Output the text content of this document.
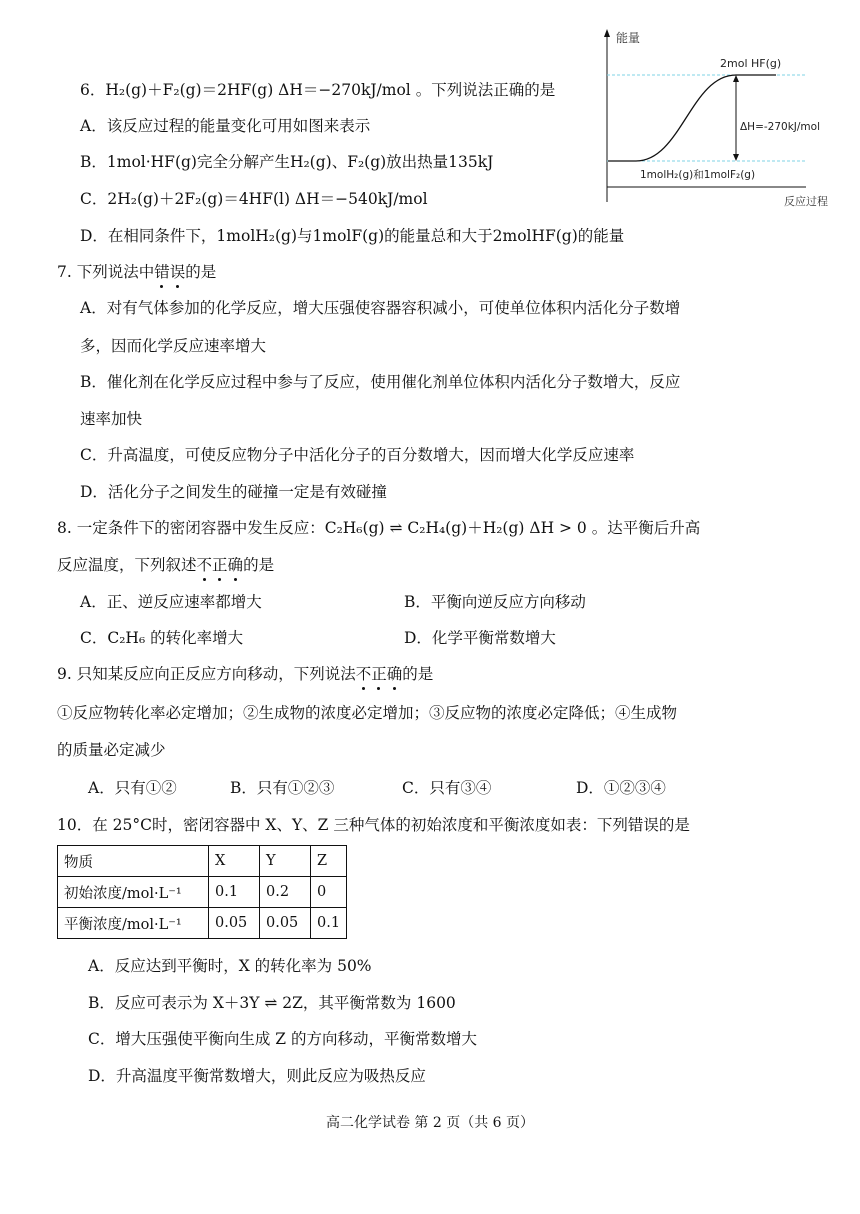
6．H₂(g)＋F₂(g)＝2HF(g) ΔH＝−270kJ/mol 。下列说法正确的是
A．该反应过程的能量变化可用如图来表示
B．1mol·HF(g)完全分解产生H₂(g)、F₂(g)放出热量135kJ
C．2H₂(g)＋2F₂(g)＝4HF(l) ΔH＝−540kJ/mol
D．在相同条件下，1molH₂(g)与1molF(g)的能量总和大于2molHF(g)的能量
能量
反应过程
2mol HF(g)
ΔH=-270kJ/mol
1molH₂(g)和1molF₂(g)
7. 下列说法中错误的是
A．对有气体参加的化学反应，增大压强使容器容积减小，可使单位体积内活化分子数增
多，因而化学反应速率增大
B．催化剂在化学反应过程中参与了反应，使用催化剂单位体积内活化分子数增大，反应
速率加快
C．升高温度，可使反应物分子中活化分子的百分数增大，因而增大化学反应速率
D．活化分子之间发生的碰撞一定是有效碰撞
8. 一定条件下的密闭容器中发生反应：C₂H₆(g) ⇌ C₂H₄(g)＋H₂(g) ΔH > 0 。达平衡后升高
反应温度，下列叙述不正确的是
A．正、逆反应速率都增大	B．平衡向逆反应方向移动
C．C₂H₆ 的转化率增大	D．化学平衡常数增大
9. 只知某反应向正反应方向移动，下列说法不正确的是
①反应物转化率必定增加；②生成物的浓度必定增加；③反应物的浓度必定降低；④生成物
的质量必定减少
A．只有①②	B．只有①②③	C．只有③④	D．①②③④
10．在 25°C时，密闭容器中 X、Y、Z 三种气体的初始浓度和平衡浓度如表：下列错误的是
物质	X	Y	Z
初始浓度/mol·L⁻¹	0.1	0.2	0
平衡浓度/mol·L⁻¹	0.05	0.05	0.1
A．反应达到平衡时，X 的转化率为 50%
B．反应可表示为 X＋3Y ⇌ 2Z，其平衡常数为 1600
C．增大压强使平衡向生成 Z 的方向移动，平衡常数增大
D．升高温度平衡常数增大，则此反应为吸热反应
高二化学试卷 第 2 页（共 6 页）
